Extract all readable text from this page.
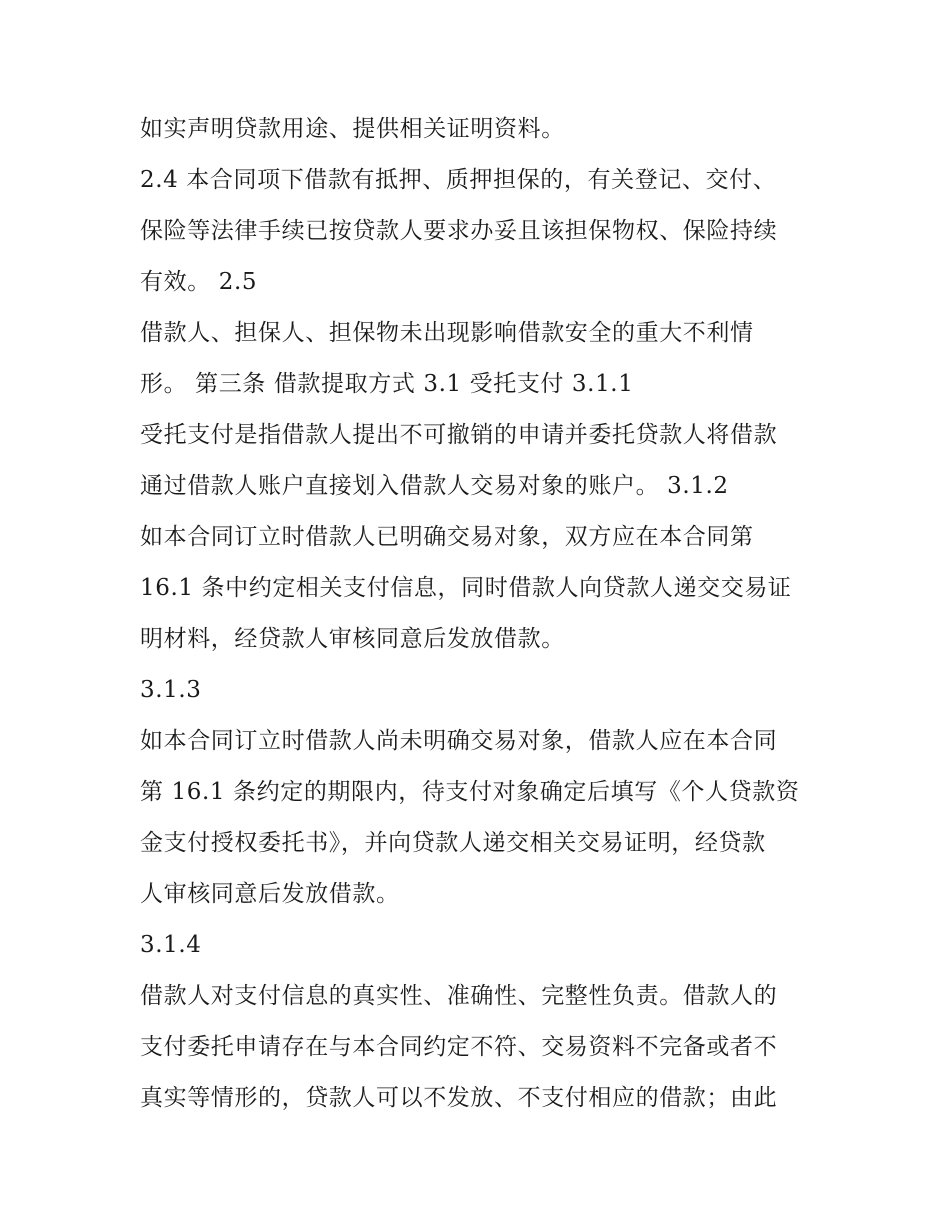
如实声明贷款用途、提供相关证明资料。
2.4 本合同项下借款有抵押、质押担保的，有关登记、交付、
保险等法律手续已按贷款人要求办妥且该担保物权、保险持续
有效。 2.5
借款人、担保人、担保物未出现影响借款安全的重大不利情
形。 第三条 借款提取方式 3.1 受托支付 3.1.1
受托支付是指借款人提出不可撤销的申请并委托贷款人将借款
通过借款人账户直接划入借款人交易对象的账户。 3.1.2
如本合同订立时借款人已明确交易对象，双方应在本合同第
16.1 条中约定相关支付信息，同时借款人向贷款人递交交易证
明材料，经贷款人审核同意后发放借款。
3.1.3
如本合同订立时借款人尚未明确交易对象，借款人应在本合同
第 16.1 条约定的期限内，待支付对象确定后填写《个人贷款资
金支付授权委托书》，并向贷款人递交相关交易证明，经贷款
人审核同意后发放借款。
3.1.4
借款人对支付信息的真实性、准确性、完整性负责。借款人的
支付委托申请存在与本合同约定不符、交易资料不完备或者不
真实等情形的，贷款人可以不发放、不支付相应的借款；由此
